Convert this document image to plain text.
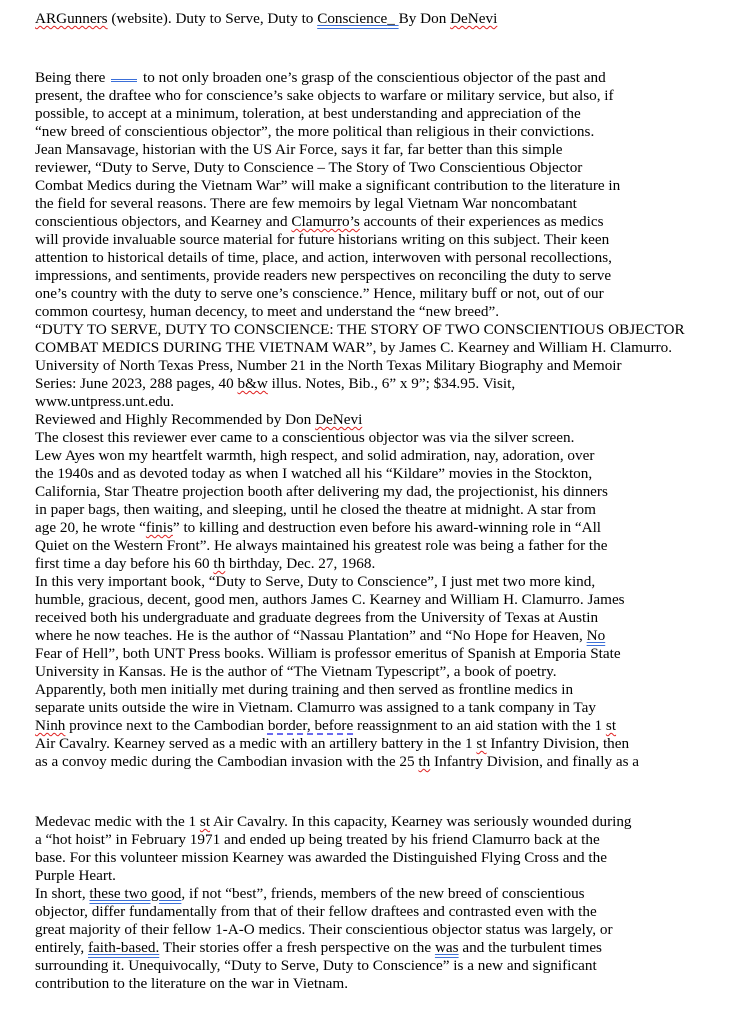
ARGunners (website). Duty to Serve, Duty to Conscience_ By Don DeNevi
Being there  to not only broaden one’s grasp of the conscientious objector of the past and
present, the draftee who for conscience’s sake objects to warfare or military service, but also, if
possible, to accept at a minimum, toleration, at best understanding and appreciation of the
“new breed of conscientious objector”, the more political than religious in their convictions.
Jean Mansavage, historian with the US Air Force, says it far, far better than this simple
reviewer, “Duty to Serve, Duty to Conscience – The Story of Two Conscientious Objector
Combat Medics during the Vietnam War” will make a significant contribution to the literature in
the field for several reasons. There are few memoirs by legal Vietnam War noncombatant
conscientious objectors, and Kearney and Clamurro’s accounts of their experiences as medics
will provide invaluable source material for future historians writing on this subject. Their keen
attention to historical details of time, place, and action, interwoven with personal recollections,
impressions, and sentiments, provide readers new perspectives on reconciling the duty to serve
one’s country with the duty to serve one’s conscience.” Hence, military buff or not, out of our
common courtesy, human decency, to meet and understand the “new breed”.
“DUTY TO SERVE, DUTY TO CONSCIENCE: THE STORY OF TWO CONSCIENTIOUS OBJECTOR
COMBAT MEDICS DURING THE VIETNAM WAR”, by James C. Kearney and William H. Clamurro.
University of North Texas Press, Number 21 in the North Texas Military Biography and Memoir
Series: June 2023, 288 pages, 40 b&w illus. Notes, Bib., 6” x 9”; $34.95. Visit,
www.untpress.unt.edu.
Reviewed and Highly Recommended by Don DeNevi
The closest this reviewer ever came to a conscientious objector was via the silver screen.
Lew Ayes won my heartfelt warmth, high respect, and solid admiration, nay, adoration, over
the 1940s and as devoted today as when I watched all his “Kildare” movies in the Stockton,
California, Star Theatre projection booth after delivering my dad, the projectionist, his dinners
in paper bags, then waiting, and sleeping, until he closed the theatre at midnight. A star from
age 20, he wrote “finis” to killing and destruction even before his award-winning role in “All
Quiet on the Western Front”. He always maintained his greatest role was being a father for the
first time a day before his 60 th birthday, Dec. 27, 1968.
In this very important book, “Duty to Serve, Duty to Conscience”, I just met two more kind,
humble, gracious, decent, good men, authors James C. Kearney and William H. Clamurro. James
received both his undergraduate and graduate degrees from the University of Texas at Austin
where he now teaches. He is the author of “Nassau Plantation” and “No Hope for Heaven, No
Fear of Hell”, both UNT Press books. William is professor emeritus of Spanish at Emporia State
University in Kansas. He is the author of “The Vietnam Typescript”, a book of poetry.
Apparently, both men initially met during training and then served as frontline medics in
separate units outside the wire in Vietnam. Clamurro was assigned to a tank company in Tay
Ninh province next to the Cambodian border, before reassignment to an aid station with the 1 st
Air Cavalry. Kearney served as a medic with an artillery battery in the 1 st Infantry Division, then
as a convoy medic during the Cambodian invasion with the 25 th Infantry Division, and finally as a
Medevac medic with the 1 st Air Cavalry. In this capacity, Kearney was seriously wounded during
a “hot hoist” in February 1971 and ended up being treated by his friend Clamurro back at the
base. For this volunteer mission Kearney was awarded the Distinguished Flying Cross and the
Purple Heart.
In short, these two good, if not “best”, friends, members of the new breed of conscientious
objector, differ fundamentally from that of their fellow draftees and contrasted even with the
great majority of their fellow 1-A-O medics. Their conscientious objector status was largely, or
entirely, faith-based. Their stories offer a fresh perspective on the was and the turbulent times
surrounding it. Unequivocally, “Duty to Serve, Duty to Conscience” is a new and significant
contribution to the literature on the war in Vietnam.
